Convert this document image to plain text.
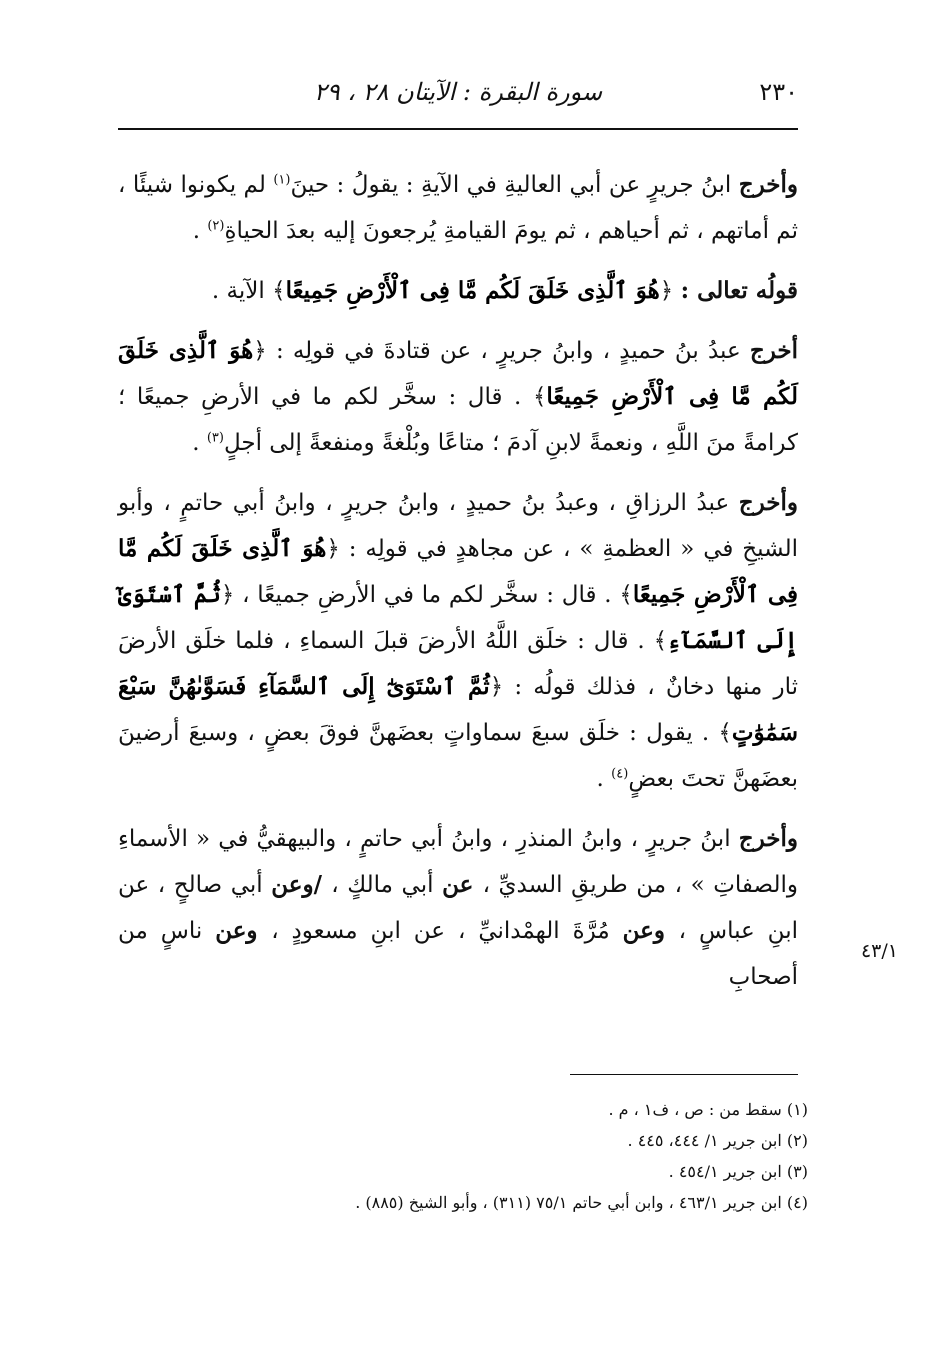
٢٣٠
سورة البقرة : الآيتان ٢٨ ، ٢٩

وأخرج ابنُ جريرٍ عن أبي العاليةِ في الآيةِ : يقولُ : حينَ$^{(١)}$ لم يكونوا شيئًا ، ثم أماتهم ، ثم أحياهم ، ثم يومَ القيامةِ يُرجعونَ إليه بعدَ الحياةِ$^{(٢)}$ .

قولُه تعالى : ﴿هُوَ ٱلَّذِى خَلَقَ لَكُم مَّا فِى ٱلْأَرْضِ جَمِيعًا﴾ الآية .

أخرج عبدُ بنُ حميدٍ ، وابنُ جريرٍ ، عن قتادةَ في قولِه : ﴿هُوَ ٱلَّذِى خَلَقَ لَكُم مَّا فِى ٱلْأَرْضِ جَمِيعًا﴾ . قال : سخَّر لكم ما في الأرضِ جميعًا ؛ كرامةً منَ اللَّهِ ، ونعمةً لابنِ آدمَ ؛ متاعًا وبُلْغةً ومنفعةً إلى أجلٍ$^{(٣)}$ .

وأخرج عبدُ الرزاقِ ، وعبدُ بنُ حميدٍ ، وابنُ جريرٍ ، وابنُ أبي حاتمٍ ، وأبو الشيخِ في « العظمةِ » ، عن مجاهدٍ في قولِه : ﴿هُوَ ٱلَّذِى خَلَقَ لَكُم مَّا فِى ٱلْأَرْضِ جَمِيعًا﴾ . قال : سخَّر لكم ما في الأرضِ جميعًا ، ﴿ثُمَّ ٱسْتَوَىٰٓ إِلَى ٱلسَّمَآءِ﴾ . قال : خلَق اللَّهُ الأرضَ قبلَ السماءِ ، فلما خلَق الأرضَ ثار منها دخانٌ ، فذلك قولُه : ﴿ثُمَّ ٱسْتَوَىٰٓ إِلَى ٱلسَّمَآءِ فَسَوَّىٰهُنَّ سَبْعَ سَمَٰوَٰتٍ﴾ . يقول : خلَق سبعَ سماواتٍ بعضَهنَّ فوقَ بعضٍ ، وسبعَ أرضينَ بعضَهنَّ تحتَ بعضٍ$^{(٤)}$ .

وأخرج ابنُ جريرٍ ، وابنُ المنذرِ ، وابنُ أبي حاتمٍ ، والبيهقيُّ في « الأسماءِ والصفاتِ » ، من طريقِ السديِّ ، عن أبي مالكٍ ، /وعن أبي صالحٍ ، عن ابنِ عباسٍ ، وعن مُرَّةَ الهمْدانيِّ ، عن ابنِ مسعودٍ ، وعن ناسٍ من أصحابِ

٤٣/١
(١) سقط من : ص ، ف١ ، م .
(٢) ابن جرير ١/ ٤٤٤، ٤٤٥ .
(٣) ابن جرير ٤٥٤/١ .
(٤) ابن جرير ٤٦٣/١ ، وابن أبي حاتم ٧٥/١ (٣١١) ، وأبو الشيخ (٨٨٥) .
